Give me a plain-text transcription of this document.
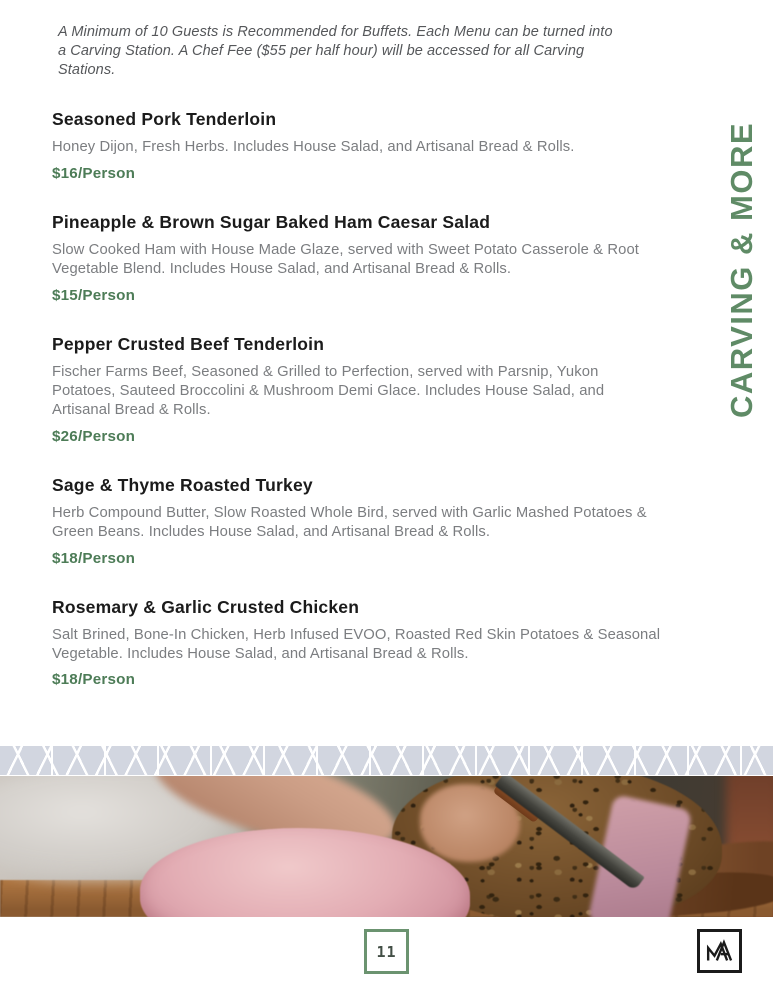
A Minimum of 10 Guests is Recommended for Buffets. Each Menu can be turned into a Carving Station. A Chef Fee ($55 per half hour) will be accessed for all Carving Stations.

Seasoned Pork Tenderloin

Honey Dijon, Fresh Herbs. Includes House Salad, and Artisanal Bread & Rolls.

$16/Person

Pineapple & Brown Sugar Baked Ham Caesar Salad

Slow Cooked Ham with House Made Glaze, served with Sweet Potato Casserole & Root Vegetable Blend. Includes House Salad, and Artisanal Bread & Rolls.

$15/Person

Pepper Crusted Beef Tenderloin

Fischer Farms Beef, Seasoned & Grilled to Perfection, served with Parsnip, Yukon Potatoes, Sauteed Broccolini & Mushroom Demi Glace. Includes House Salad, and Artisanal Bread & Rolls.

$26/Person

Sage & Thyme Roasted Turkey

Herb Compound Butter, Slow Roasted Whole Bird, served with Garlic Mashed Potatoes & Green Beans. Includes House Salad, and Artisanal Bread & Rolls.

$18/Person

Rosemary & Garlic Crusted Chicken

Salt Brined, Bone-In Chicken, Herb Infused EVOO, Roasted Red Skin Potatoes & Seasonal Vegetable. Includes House Salad, and Artisanal Bread & Rolls.

$18/Person

CARVING & MORE
11
